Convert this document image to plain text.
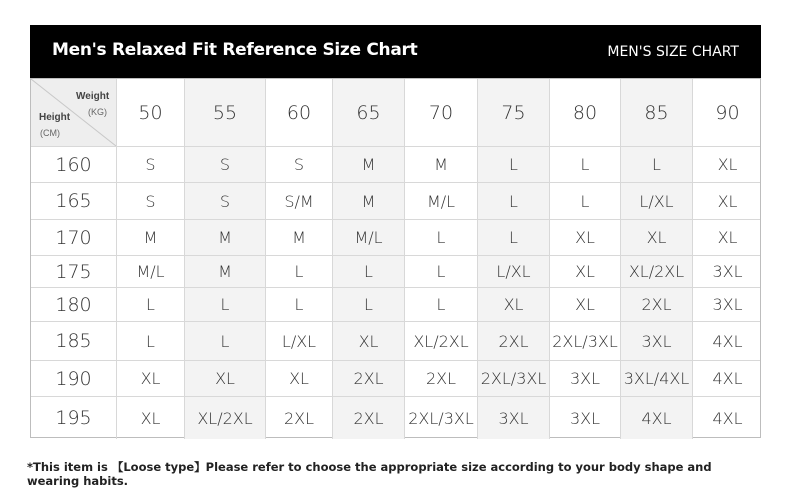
Men's Relaxed Fit Reference Size Chart	MEN'S SIZE CHART
Weight
(KG)
Height
(CM)
50	55	60	65	70	75	80	85	90
160	S	S	S	M	M	L	L	L	XL
165	S	S	S/M	M	M/L	L	L	L/XL	XL
170	M	M	M	M/L	L	L	XL	XL	XL
175	M/L	M	L	L	L	L/XL	XL	XL/2XL	3XL
180	L	L	L	L	L	XL	XL	2XL	3XL
185	L	L	L/XL	XL	XL/2XL	2XL	2XL/3XL	3XL	4XL
190	XL	XL	XL	2XL	2XL	2XL/3XL	3XL	3XL/4XL	4XL
195	XL	XL/2XL	2XL	2XL	2XL/3XL	3XL	3XL	4XL	4XL
*This item is 【Loose type】Please refer to choose the appropriate size according to your body shape and wearing habits.
